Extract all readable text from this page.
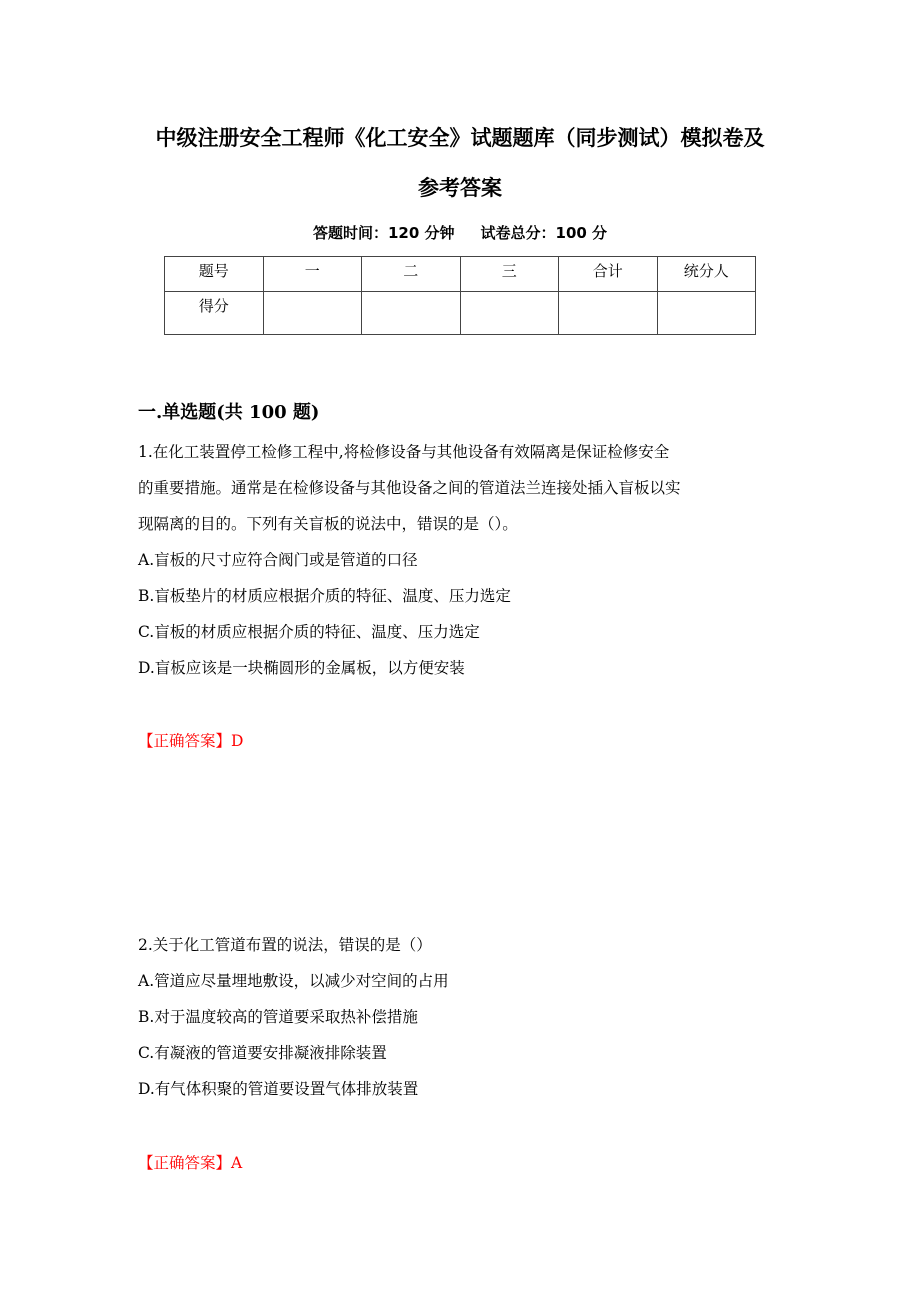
中级注册安全工程师《化工安全》试题题库（同步测试）模拟卷及
参考答案
答题时间：120 分钟 试卷总分：100 分
题号	一	二	三	合计	统分人
得分					
一.单选题(共 100 题)
1.在化工装置停工检修工程中,将检修设备与其他设备有效隔离是保证检修安全
的重要措施。通常是在检修设备与其他设备之间的管道法兰连接处插入盲板以实
现隔离的目的。下列有关盲板的说法中，错误的是（）。
A.盲板的尺寸应符合阀门或是管道的口径
B.盲板垫片的材质应根据介质的特征、温度、压力选定
C.盲板的材质应根据介质的特征、温度、压力选定
D.盲板应该是一块椭圆形的金属板，以方便安装
【正确答案】D
2.关于化工管道布置的说法，错误的是（）
A.管道应尽量埋地敷设，以减少对空间的占用
B.对于温度较高的管道要采取热补偿措施
C.有凝液的管道要安排凝液排除装置
D.有气体积聚的管道要设置气体排放装置
【正确答案】A
